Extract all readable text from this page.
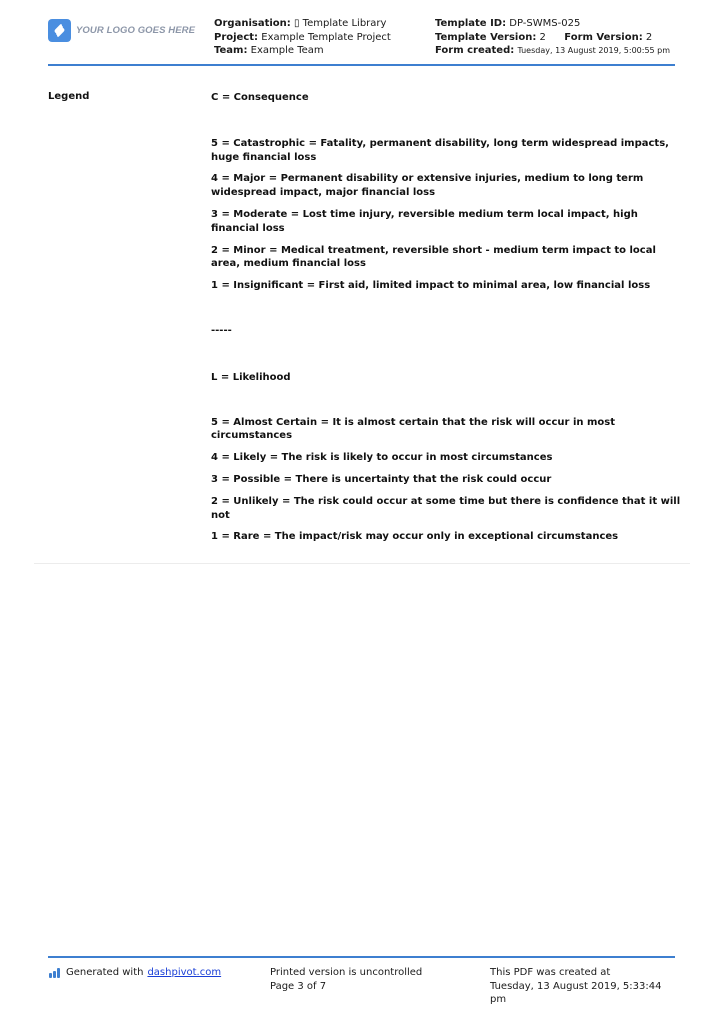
YOUR LOGO GOES HERE
Organisation: ▯ Template Library
Project: Example Template Project
Team: Example Team
Template ID: DP-SWMS-025
Template Version: 2 Form Version: 2
Form created: Tuesday, 13 August 2019, 5:00:55 pm
Legend	C = Consequence

5 = Catastrophic = Fatality, permanent disability, long term widespread impacts, huge financial loss

4 = Major = Permanent disability or extensive injuries, medium to long term widespread impact, major financial loss

3 = Moderate = Lost time injury, reversible medium term local impact, high financial loss

2 = Minor = Medical treatment, reversible short - medium term impact to local area, medium financial loss

1 = Insignificant = First aid, limited impact to minimal area, low financial loss

-----

L = Likelihood

5 = Almost Certain = It is almost certain that the risk will occur in most circumstances

4 = Likely = The risk is likely to occur in most circumstances

3 = Possible = There is uncertainty that the risk could occur

2 = Unlikely = The risk could occur at some time but there is confidence that it will not

1 = Rare = The impact/risk may occur only in exceptional circumstances

Generated with dashpivot.com	Printed version is uncontrolled
Page 3 of 7
This PDF was created at
Tuesday, 13 August 2019, 5:33:44 pm
